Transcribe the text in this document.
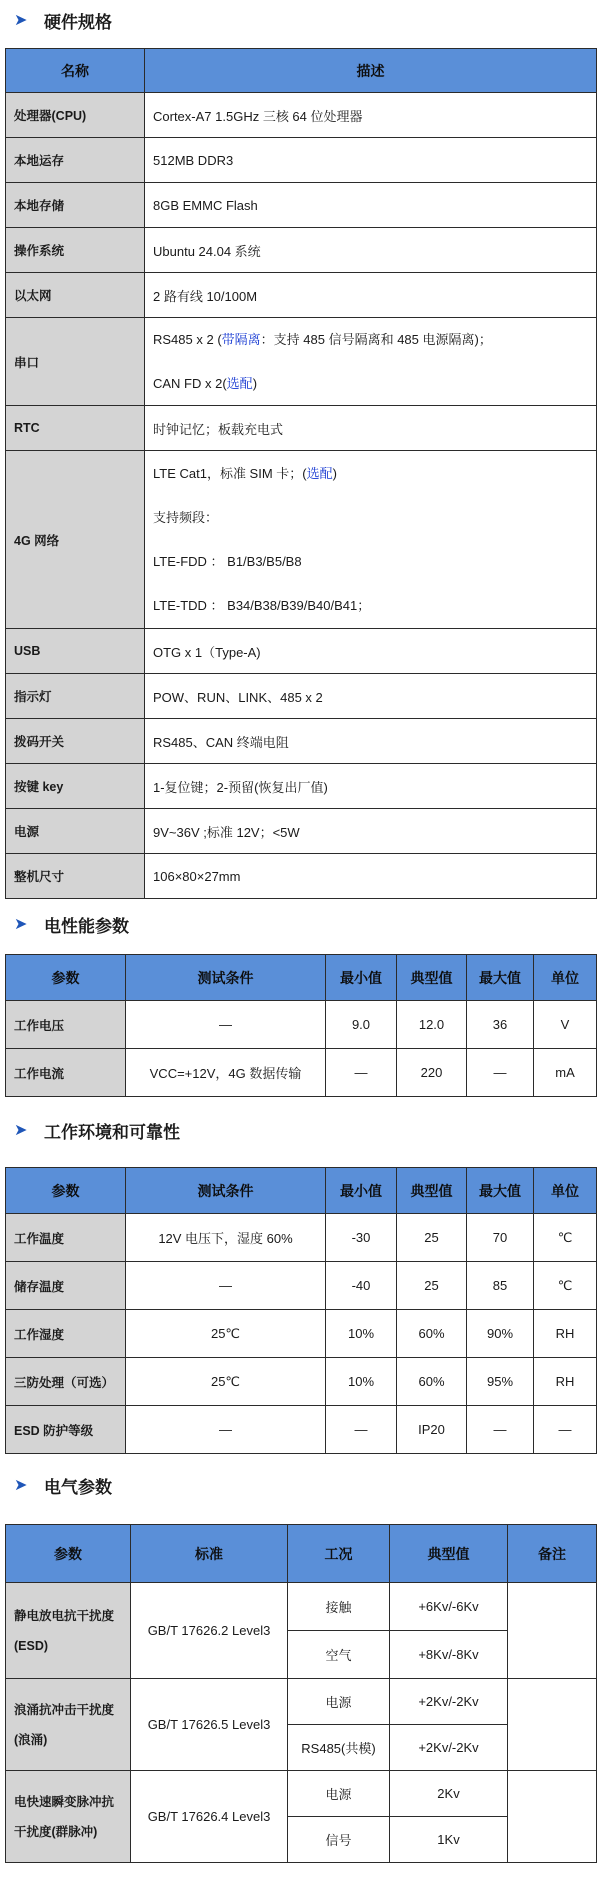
➤ 硬件规格
名称	描述
处理器(CPU)	Cortex-A7 1.5GHz 三核 64 位处理器
本地运存	512MB DDR3
本地存储	8GB EMMC Flash
操作系统	Ubuntu 24.04 系统
以太网	2 路有线 10/100M
串口	RS485 x 2 (带隔离：支持 485 信号隔离和 485 电源隔离)；

CAN FD x 2(选配)

RTC	时钟记忆；板载充电式
4G 网络	LTE Cat1，标准 SIM 卡；(选配)

支持频段：

LTE-FDD ： B1/B3/B5/B8

LTE-TDD ： B34/B38/B39/B40/B41；

USB	OTG x 1（Type-A)
指示灯	POW、RUN、LINK、485 x 2
拨码开关	RS485、CAN 终端电阻
按键 key	1-复位键；2-预留(恢复出厂值)
电源	9V~36V ;标准 12V；<5W
整机尺寸	106×80×27mm
➤ 电性能参数
参数	测试条件	最小值	典型值	最大值	单位
工作电压	—	9.0	12.0	36	V
工作电流	VCC=+12V，4G 数据传输	—	220	—	mA
➤ 工作环境和可靠性
参数	测试条件	最小值	典型值	最大值	单位
工作温度	12V 电压下，湿度 60%	-30	25	70	℃
储存温度	—	-40	25	85	℃
工作湿度	25℃	10%	60%	90%	RH
三防处理（可选）	25℃	10%	60%	95%	RH
ESD 防护等级	—	—	IP20	—	—
➤ 电气参数
参数	标准	工况	典型值	备注

静电放电抗干扰度
(ESD)	GB/T 17626.2 Level3	接触	+6Kv/-6Kv	
		空气	+8Kv/-8Kv	

浪涌抗冲击干扰度
(浪涌)	GB/T 17626.5 Level3	电源	+2Kv/-2Kv	
		RS485(共模)	+2Kv/-2Kv	

电快速瞬变脉冲抗
干扰度(群脉冲)	GB/T 17626.4 Level3	电源	2Kv	
		信号	1Kv	
